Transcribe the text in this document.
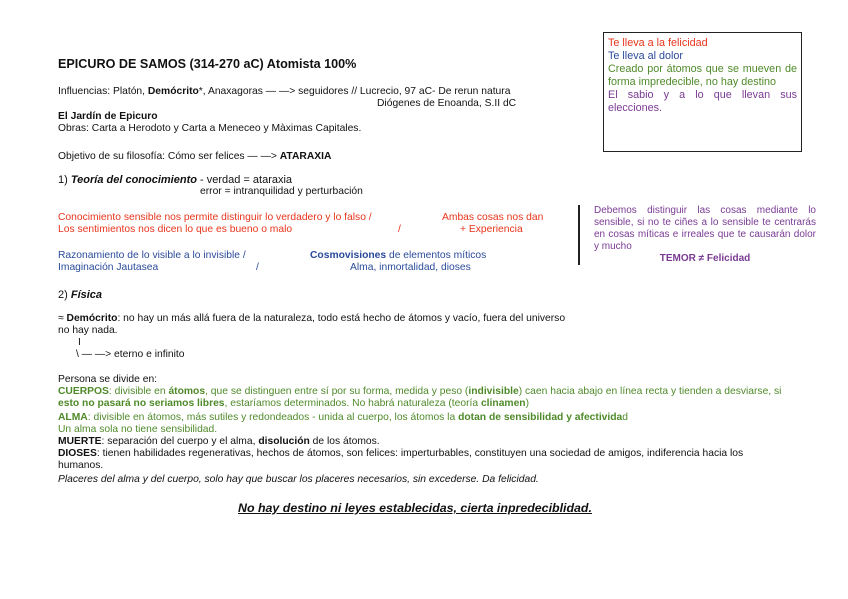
Te lleva a la felicidad
Te lleva al dolor
Creado por átomos que se mueven de forma impredecible, no hay destino
El sabio y a lo que llevan sus elecciones.
EPICURO DE SAMOS (314-270 aC) Atomista 100%
Influencias: Platón, Demócrito*, Anaxagoras — —> seguidores // Lucrecio, 97 aC- De rerun natura
Diógenes de Enoanda, S.II dC
El Jardín de Epicuro
Obras: Carta a Herodoto y Carta a Meneceo y Màximas Capitales.
Objetivo de su filosofía: Cómo ser felices — —> ATARAXIA
1) Teoría del conocimiento - verdad = ataraxia
error = intranquilidad y perturbación
Conocimiento sensible nos permite distinguir lo verdadero y lo falso /
Los sentimientos nos dicen lo que es bueno o malo	/
Ambas cosas nos dan
+ Experiencia
Razonamiento de lo visible a lo invisible /
Imaginación Jautasea	/
Cosmovisiones de elementos míticos
Alma, inmortalidad, dioses
Debemos distinguir las cosas mediante lo sensible, si no te ciñes a lo sensible te centrarás en cosas míticas e irreales que te causarán dolor y mucho
TEMOR ≠ Felicidad
2) Física
≈ Demócrito: no hay un más allá fuera de la naturaleza, todo está hecho de átomos y vacío, fuera del universo no hay nada.
I
\ — —> eterno e infinito
Persona se divide en:
CUERPOS: divisible en átomos, que se distinguen entre sí por su forma, medida y peso (indivisible) caen hacia abajo en línea recta y tienden a desviarse, si esto no pasará no seriamos libres, estaríamos determinados. No habrá naturaleza (teoría clinamen)
ALMA: divisible en átomos, más sutiles y redondeados - unida al cuerpo, los átomos la dotan de sensibilidad y afectividad
Un alma sola no tiene sensibilidad.
MUERTE: separación del cuerpo y el alma, disolución de los átomos.
DIOSES: tienen habilidades regenerativas, hechos de átomos, son felices: imperturbables, constituyen una sociedad de amigos, indiferencia hacia los humanos.
Placeres del alma y del cuerpo, solo hay que buscar los placeres necesarios, sin excederse. Da felicidad.
No hay destino ni leyes establecidas, cierta inpredeciblidad.
